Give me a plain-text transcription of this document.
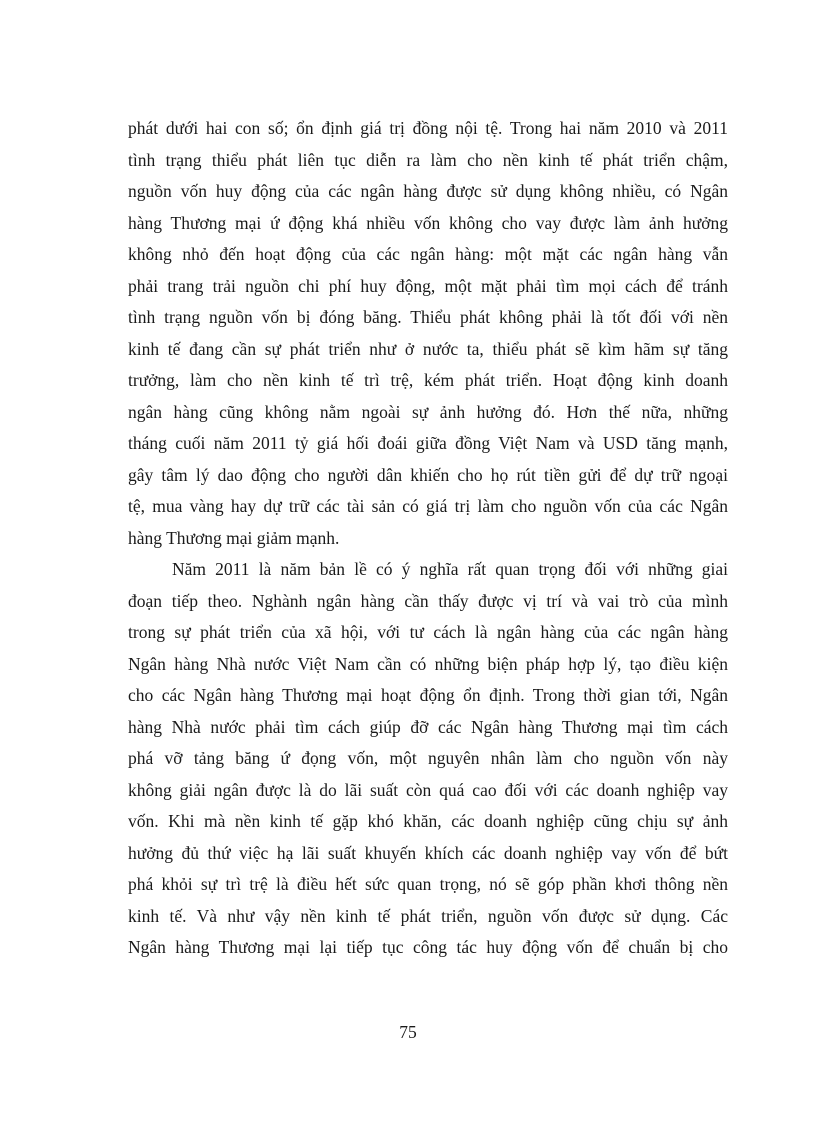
phát dưới hai con số; ổn định giá trị đồng nội tệ. Trong hai năm 2010 và 2011
tình trạng thiểu phát liên tục diễn ra làm cho nền kinh tế phát triển chậm,
nguồn vốn huy động của các ngân hàng được sử dụng không nhiều, có Ngân
hàng Thương mại ứ động khá nhiều vốn không cho vay được làm ảnh hưởng
không nhỏ đến hoạt động của các ngân hàng: một mặt các ngân hàng vẫn
phải trang trải nguồn chi phí huy động, một mặt phải tìm mọi cách để tránh
tình trạng nguồn vốn bị đóng băng. Thiểu phát không phải là tốt đối với nền
kinh tế đang cần sự phát triển như ở nước ta, thiểu phát sẽ kìm hãm sự tăng
trưởng, làm cho nền kinh tế trì trệ, kém phát triển. Hoạt động kinh doanh
ngân hàng cũng không nằm ngoài sự ảnh hưởng đó. Hơn thế nữa, những
tháng cuối năm 2011 tỷ giá hối đoái giữa đồng Việt Nam và USD tăng mạnh,
gây tâm lý dao động cho người dân khiến cho họ rút tiền gửi để dự trữ ngoại
tệ, mua vàng hay dự trữ các tài sản có giá trị làm cho nguồn vốn của các Ngân
hàng Thương mại giảm mạnh.
Năm 2011 là năm bản lề có ý nghĩa rất quan trọng đối với những giai
đoạn tiếp theo. Nghành ngân hàng cần thấy được vị trí và vai trò của mình
trong sự phát triển của xã hội, với tư cách là ngân hàng của các ngân hàng
Ngân hàng Nhà nước Việt Nam cần có những biện pháp hợp lý, tạo điều kiện
cho các Ngân hàng Thương mại hoạt động ổn định. Trong thời gian tới, Ngân
hàng Nhà nước phải tìm cách giúp đỡ các Ngân hàng Thương mại tìm cách
phá vỡ tảng băng ứ đọng vốn, một nguyên nhân làm cho nguồn vốn này
không giải ngân được là do lãi suất còn quá cao đối với các doanh nghiệp vay
vốn. Khi mà nền kinh tế gặp khó khăn, các doanh nghiệp cũng chịu sự ảnh
hưởng đủ thứ việc hạ lãi suất khuyến khích các doanh nghiệp vay vốn để bứt
phá khỏi sự trì trệ là điều hết sức quan trọng, nó sẽ góp phần khơi thông nền
kinh tế. Và như vậy nền kinh tế phát triển, nguồn vốn được sử dụng. Các
Ngân hàng Thương mại lại tiếp tục công tác huy động vốn để chuẩn bị cho
75
